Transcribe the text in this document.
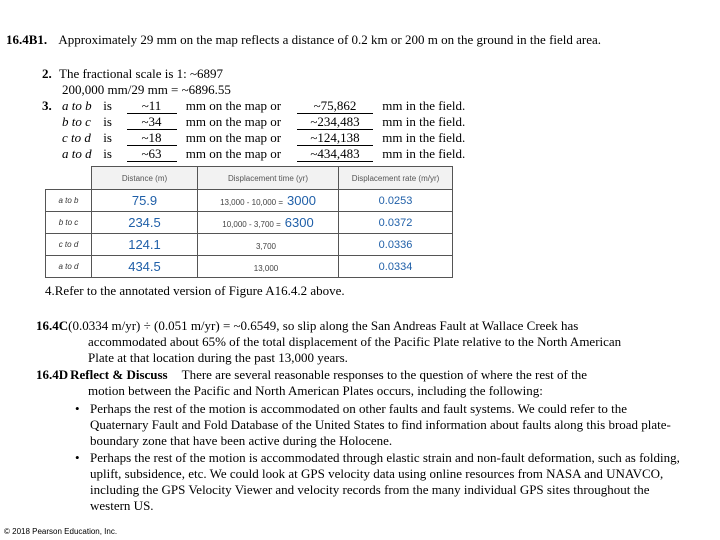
16.4B1. Approximately 29 mm on the map reflects a distance of 0.2 km or 200 m on the ground in the field area.
2. The fractional scale is 1: ~6897
200,000 mm/29 mm = ~6896.55
3. a to b is ~11 mm on the map or	~75,862 mm in the field.
b to c is ~34 mm on the map or ~234,483 mm in the field.
c to d is ~18 mm on the map or ~124,138 mm in the field.
a to d is ~63 mm on the map or ~434,483 mm in the field.
	Distance (m)	Displacement time (yr)	Displacement rate (m/yr)
a to b	75.9	13,000 - 10,000 = 3000	0.0253
b to c	234.5	10,000 - 3,700 = 6300	0.0372
c to d	124.1	3,700	0.0336
a to d	434.5	13,000	0.0334
4.Refer to the annotated version of Figure A16.4.2 above.
16.4C(0.0334 m/yr) ÷ (0.051 m/yr) = ~0.6549, so slip along the San Andreas Fault at Wallace Creek has
accommodated about 65% of the total displacement of the Pacific Plate relative to the North American
Plate at that location during the past 13,000 years.
16.4D Reflect & Discuss There are several reasonable responses to the question of where the rest of the
motion between the Pacific and North American Plates occurs, including the following:
• Perhaps the rest of the motion is accommodated on other faults and fault systems. We could refer to the Quaternary Fault and Fold Database of the United States to find information about faults along this broad plate-boundary zone that have been active during the Holocene.
• Perhaps the rest of the motion is accommodated through elastic strain and non-fault deformation, such as folding, uplift, subsidence, etc. We could look at GPS velocity data using online resources from NASA and UNAVCO, including the GPS Velocity Viewer and velocity records from the many individual GPS sites throughout the western US.
© 2018 Pearson Education, Inc.
